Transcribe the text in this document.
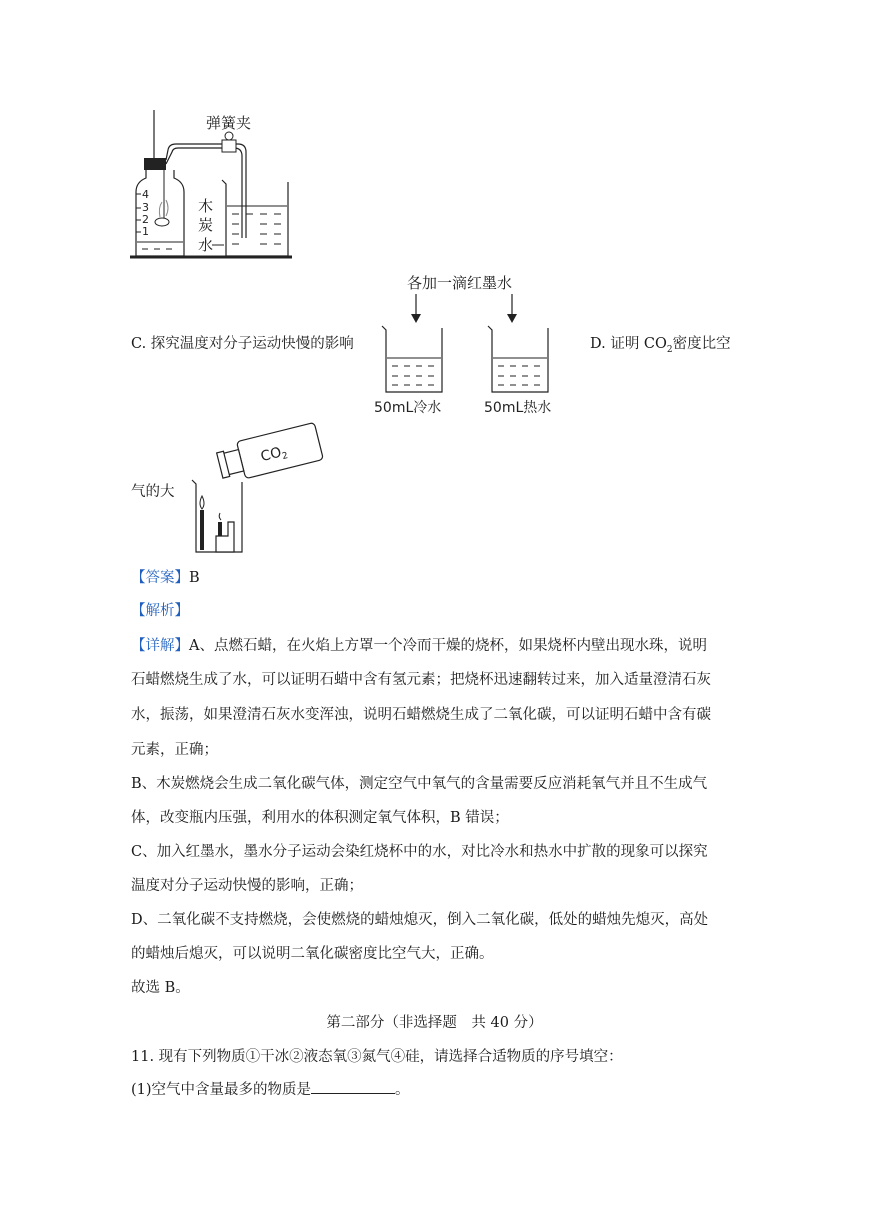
4
3
2
1
弹簧夹
木
炭
水
C. 探究温度对分子运动快慢的影响
各加一滴红墨水
50mL冷水	50mL热水
D. 证明 $CO_2$密度比空
气的大
$CO_2$
【答案】B
【解析】
【详解】A、点燃石蜡，在火焰上方罩一个冷而干燥的烧杯，如果烧杯内壁出现水珠，说明
石蜡燃烧生成了水，可以证明石蜡中含有氢元素；把烧杯迅速翻转过来，加入适量澄清石灰
水，振荡，如果澄清石灰水变浑浊，说明石蜡燃烧生成了二氧化碳，可以证明石蜡中含有碳
元素，正确；
B、木炭燃烧会生成二氧化碳气体，测定空气中氧气的含量需要反应消耗氧气并且不生成气
体，改变瓶内压强，利用水的体积测定氧气体积，B 错误；
C、加入红墨水，墨水分子运动会染红烧杯中的水，对比冷水和热水中扩散的现象可以探究
温度对分子运动快慢的影响，正确；
D、二氧化碳不支持燃烧，会使燃烧的蜡烛熄灭，倒入二氧化碳，低处的蜡烛先熄灭，高处
的蜡烛后熄灭，可以说明二氧化碳密度比空气大，正确。
故选 B。
第二部分（非选择题　共 40 分）
11. 现有下列物质①干冰②液态氧③氮气④硅，请选择合适物质的序号填空：
(1)空气中含量最多的物质是	。
